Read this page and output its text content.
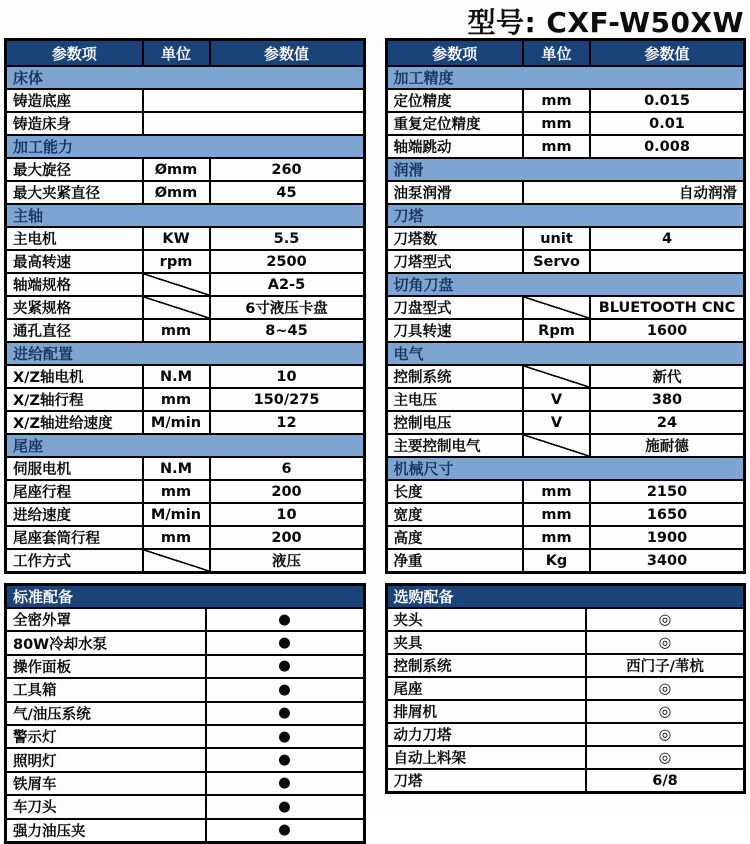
型号: CXF-W50XW
参数项	单位	参数值
床体		
铸造底座		
铸造床身		
加工能力		
最大旋径	Ømm	260
最大夹紧直径	Ømm	45
主轴		
主电机	KW	5.5
最高转速	rpm	2500
轴端规格		A2-5
夹紧规格		6寸液压卡盘
通孔直径	mm	8~45
进给配置		
X/Z轴电机	N.M	10
X/Z轴行程	mm	150/275
X/Z轴进给速度	M/min	12
尾座		
伺服电机	N.M	6
尾座行程	mm	200
进给速度	M/min	10
尾座套筒行程	mm	200
工作方式		液压
标准配备	
全密外罩	●
80W冷却水泵	●
操作面板	●
工具箱	●
气/油压系统	●
警示灯	●
照明灯	●
铁屑车	●
车刀头	●
强力油压夹	●
参数项	单位	参数值
加工精度		
定位精度	mm	0.015
重复定位精度	mm	0.01
轴端跳动	mm	0.008
润滑		
油泵润滑	自动润滑	
刀塔		
刀塔数	unit	4
刀塔型式	Servo	
切角刀盘		
刀盘型式		BLUETOOTH CNC
刀具转速	Rpm	1600
电气		
控制系统		新代
主电压	V	380
控制电压	V	24
主要控制电气		施耐德
机械尺寸		
长度	mm	2150
宽度	mm	1650
高度	mm	1900
净重	Kg	3400
选购配备	
夹头	◎
夹具	◎
控制系统	西门子/苇杭
尾座	◎
排屑机	◎
动力刀塔	◎
自动上料架	◎
刀塔	6/8
